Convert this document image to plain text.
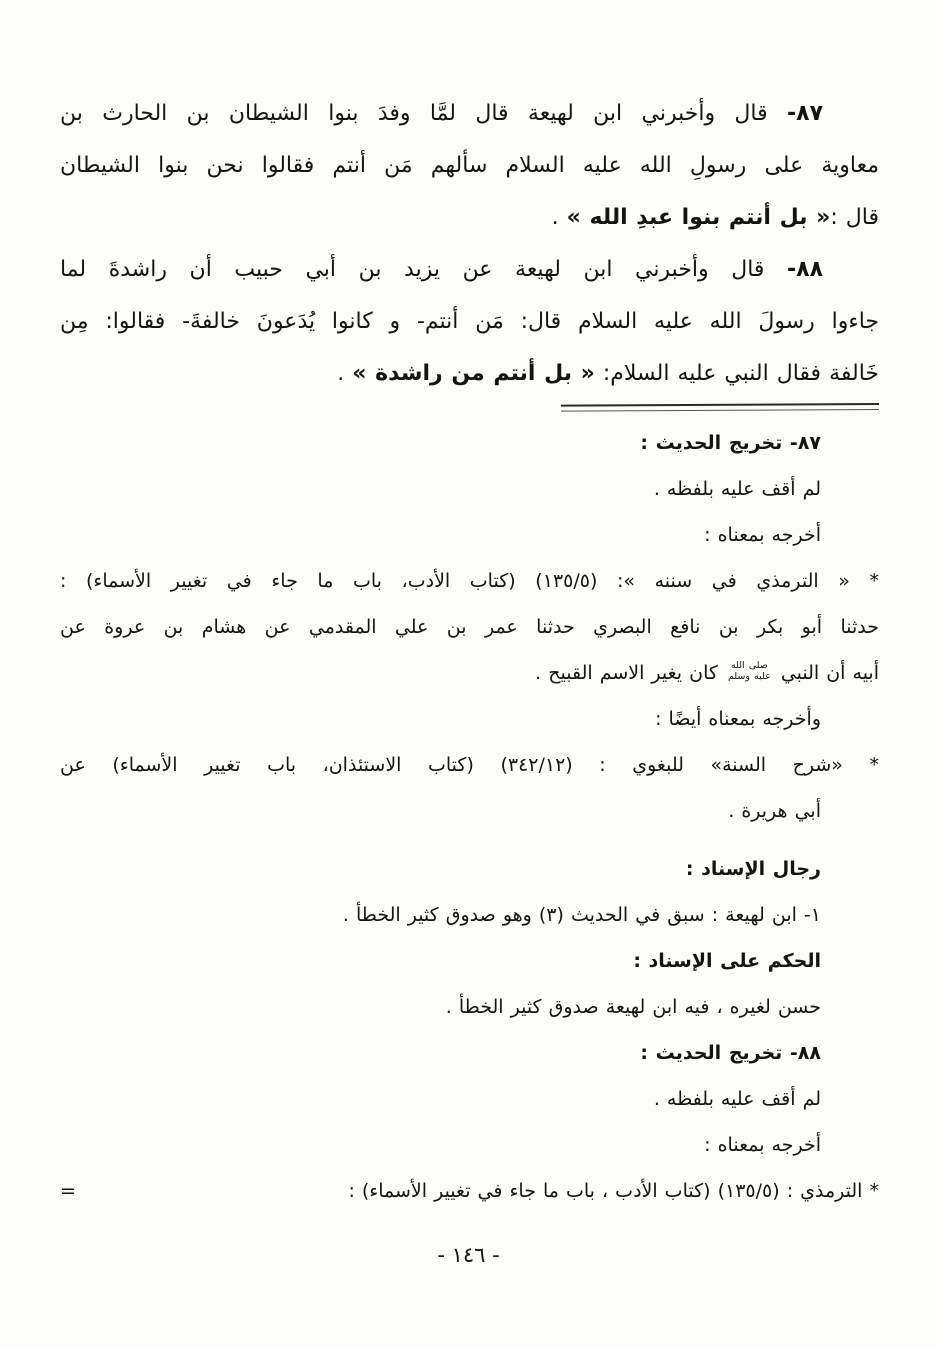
٨٧- قال وأخبرني ابن لهيعة قال لمَّا وفدَ بنوا الشيطان بن الحارث بن
معاوية على رسولِ الله عليه السلام سألهم مَن أنتم فقالوا نحن بنوا الشيطان
قال :« بل أنتم بنوا عبدِ الله » .
٨٨- قال وأخبرني ابن لهيعة عن يزيد بن أبي حبيب أن راشدةَ لما
جاءوا رسولَ الله عليه السلام قال: مَن أنتم- و كانوا يُدَعونَ خالفةَ- فقالوا: مِن
خَالفة فقال النبي عليه السلام: « بل أنتم من راشدة » .
٨٧- تخريج الحديث :
لم أقف عليه بلفظه .
أخرجه بمعناه :
* « الترمذي في سننه »: (١٣٥/٥) (كتاب الأدب، باب ما جاء في تغيير الأسماء) :
حدثنا أبو بكر بن نافع البصري حدثنا عمر بن علي المقدمي عن هشام بن عروة عن
أبيه أن النبي
صلى الله
عليه وسلم
كان يغير الاسم القبيح .
وأخرجه بمعناه أيضًا :
* «شرح السنة» للبغوي : (٣٤٢/١٢) (كتاب الاستئذان، باب تغيير الأسماء) عن
أبي هريرة .
رجال الإسناد :
١- ابن لهيعة : سبق في الحديث (٣) وهو صدوق كثير الخطأ .
الحكم على الإسناد :
حسن لغيره ، فيه ابن لهيعة صدوق كثير الخطأ .
٨٨- تخريج الحديث :
لم أقف عليه بلفظه .
أخرجه بمعناه :
* الترمذي : (١٣٥/٥) (كتاب الأدب ، باب ما جاء في تغيير الأسماء) :
=
- ١٤٦ -
